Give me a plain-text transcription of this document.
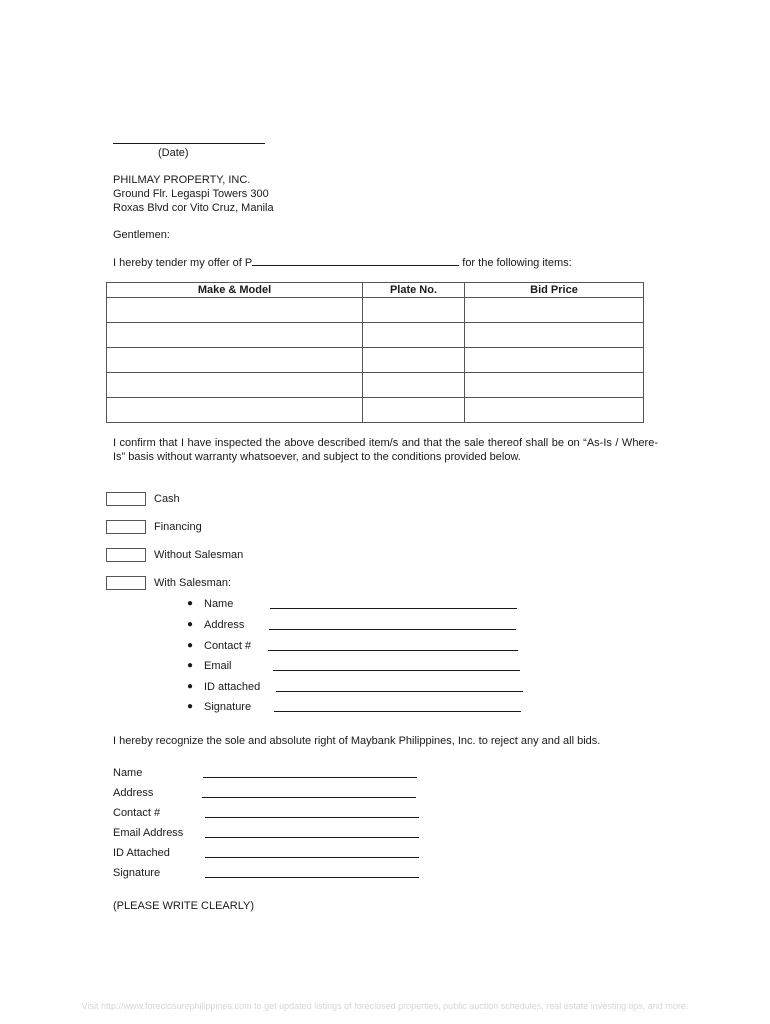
(Date)
PHILMAY PROPERTY, INC.
Ground Flr. Legaspi Towers 300
Roxas Blvd cor Vito Cruz, Manila
Gentlemen:
I hereby tender my offer of P	for the following items:
Make & Model	Plate No.	Bid Price

I confirm that I have inspected the above described item/s and that the sale thereof shall be on “As-Is / Where-Is” basis without warranty whatsoever, and subject to the conditions provided below.
Cash
Financing
Without Salesman
With Salesman:
● Name
● Address
● Contact #
● Email
● ID attached
● Signature
I hereby recognize the sole and absolute right of Maybank Philippines, Inc. to reject any and all bids.
Name
Address
Contact #
Email Address
ID Attached
Signature
(PLEASE WRITE CLEARLY)
Visit http://www.foreclosurephilippines.com to get updated listings of foreclosed properties, public auction schedules, real estate investing tips, and more.
